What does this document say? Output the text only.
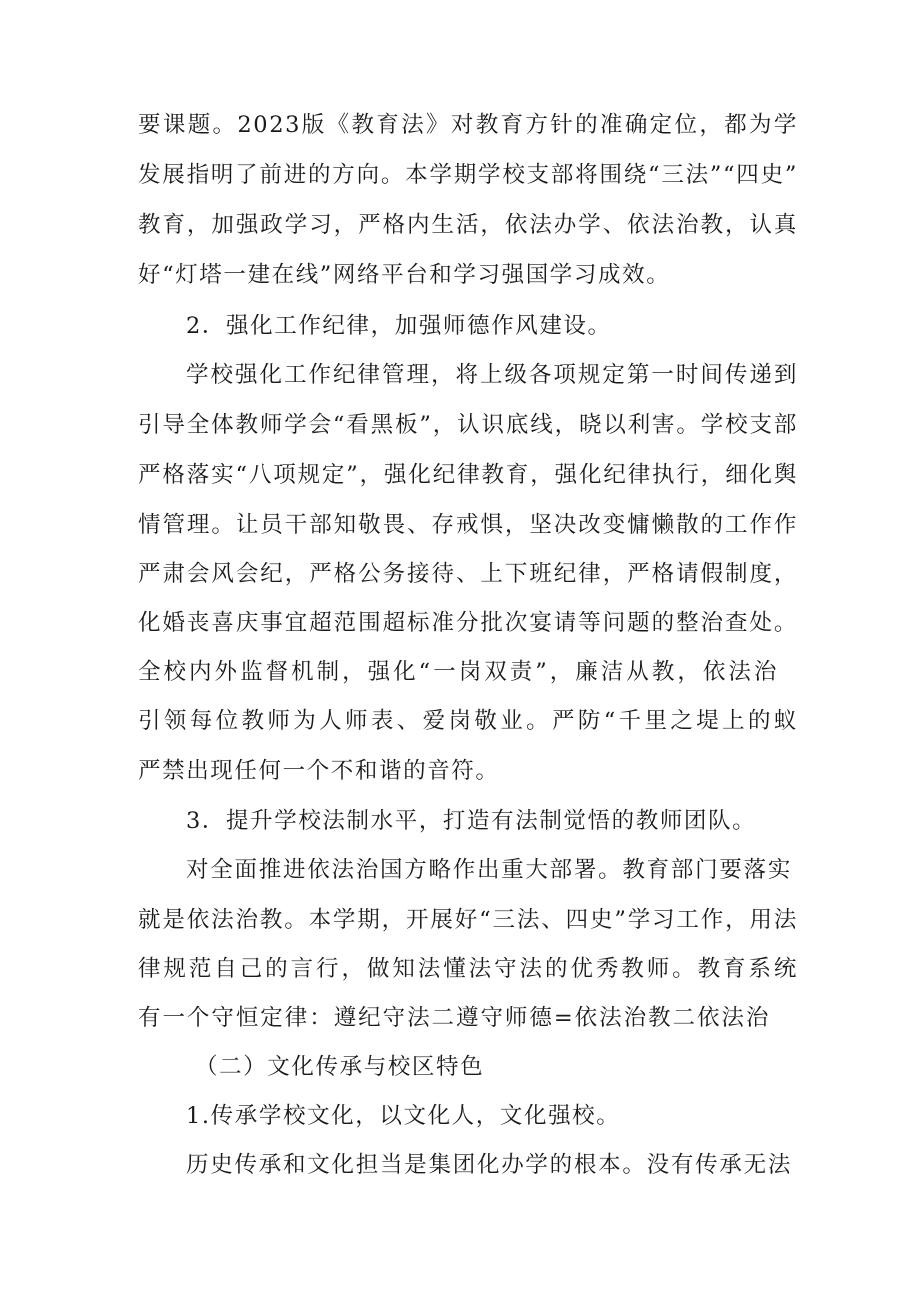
要课题。2023版《教育法》对教育方针的准确定位，都为学
发展指明了前进的方向。本学期学校支部将围绕“三法”“四史”
教育，加强政学习，严格内生活，依法办学、依法治教，认真
好“灯塔一建在线”网络平台和学习强国学习成效。
2．强化工作纪律，加强师德作风建设。
学校强化工作纪律管理，将上级各项规定第一时间传递到
引导全体教师学会“看黑板”，认识底线，晓以利害。学校支部
严格落实“八项规定”，强化纪律教育，强化纪律执行，细化舆
情管理。让员干部知敬畏、存戒惧，坚决改变慵懒散的工作作
严肃会风会纪，严格公务接待、上下班纪律，严格请假制度，
化婚丧喜庆事宜超范围超标准分批次宴请等问题的整治查处。
全校内外监督机制，强化“一岗双责”，廉洁从教，依法治
引领每位教师为人师表、爱岗敬业。严防“千里之堤上的蚁
严禁出现任何一个不和谐的音符。
3．提升学校法制水平，打造有法制觉悟的教师团队。
对全面推进依法治国方略作出重大部署。教育部门要落实
就是依法治教。本学期，开展好“三法、四史”学习工作，用法
律规范自己的言行，做知法懂法守法的优秀教师。教育系统
有一个守恒定律：遵纪守法二遵守师德=依法治教二依法治
（二）文化传承与校区特色
1.传承学校文化，以文化人，文化强校。
历史传承和文化担当是集团化办学的根本。没有传承无法
